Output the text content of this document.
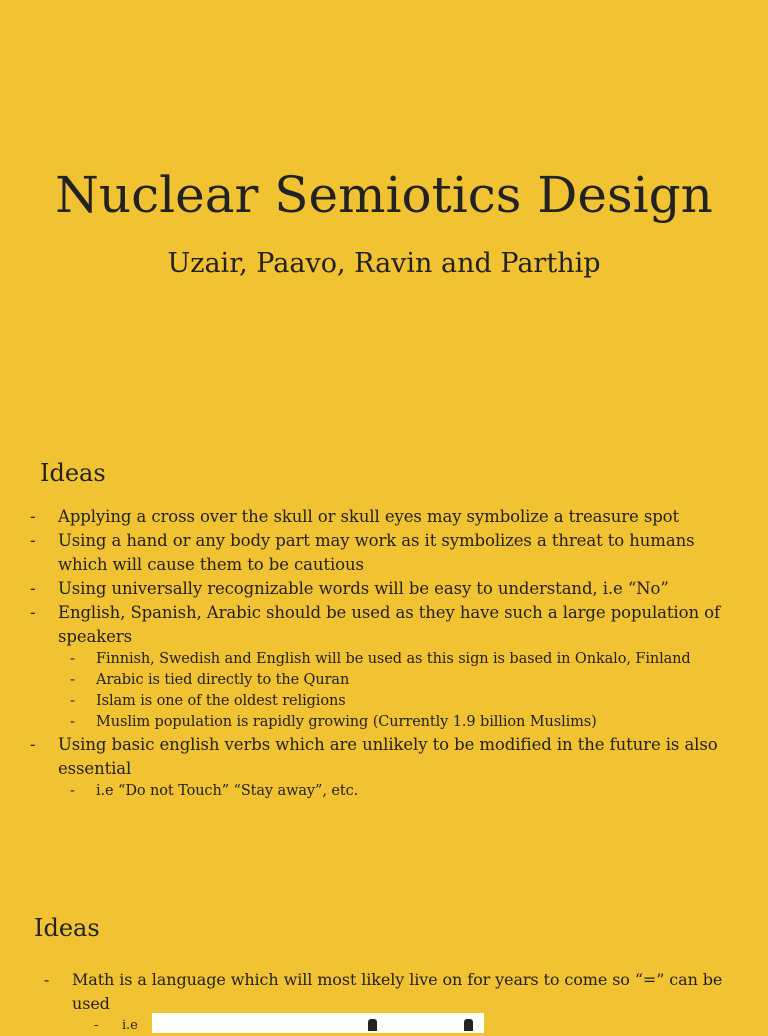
Nuclear Semiotics Design
Uzair, Paavo, Ravin and Parthip
Ideas
- Applying a cross over the skull or skull eyes may symbolize a treasure spot
- Using a hand or any body part may work as it symbolizes a threat to humans which will cause them to be cautious
- Using universally recognizable words will be easy to understand, i.e “No”
- English, Spanish, Arabic should be used as they have such a large population of speakers
- Finnish, Swedish and English will be used as this sign is based in Onkalo, Finland
- Arabic is tied directly to the Quran
- Islam is one of the oldest religions
- Muslim population is rapidly growing (Currently 1.9 billion Muslims)
- Using basic english verbs which are unlikely to be modified in the future is also essential
- i.e “Do not Touch” “Stay away”, etc.
Ideas
- Math is a language which will most likely live on for years to come so “=” can be used
- i.e
